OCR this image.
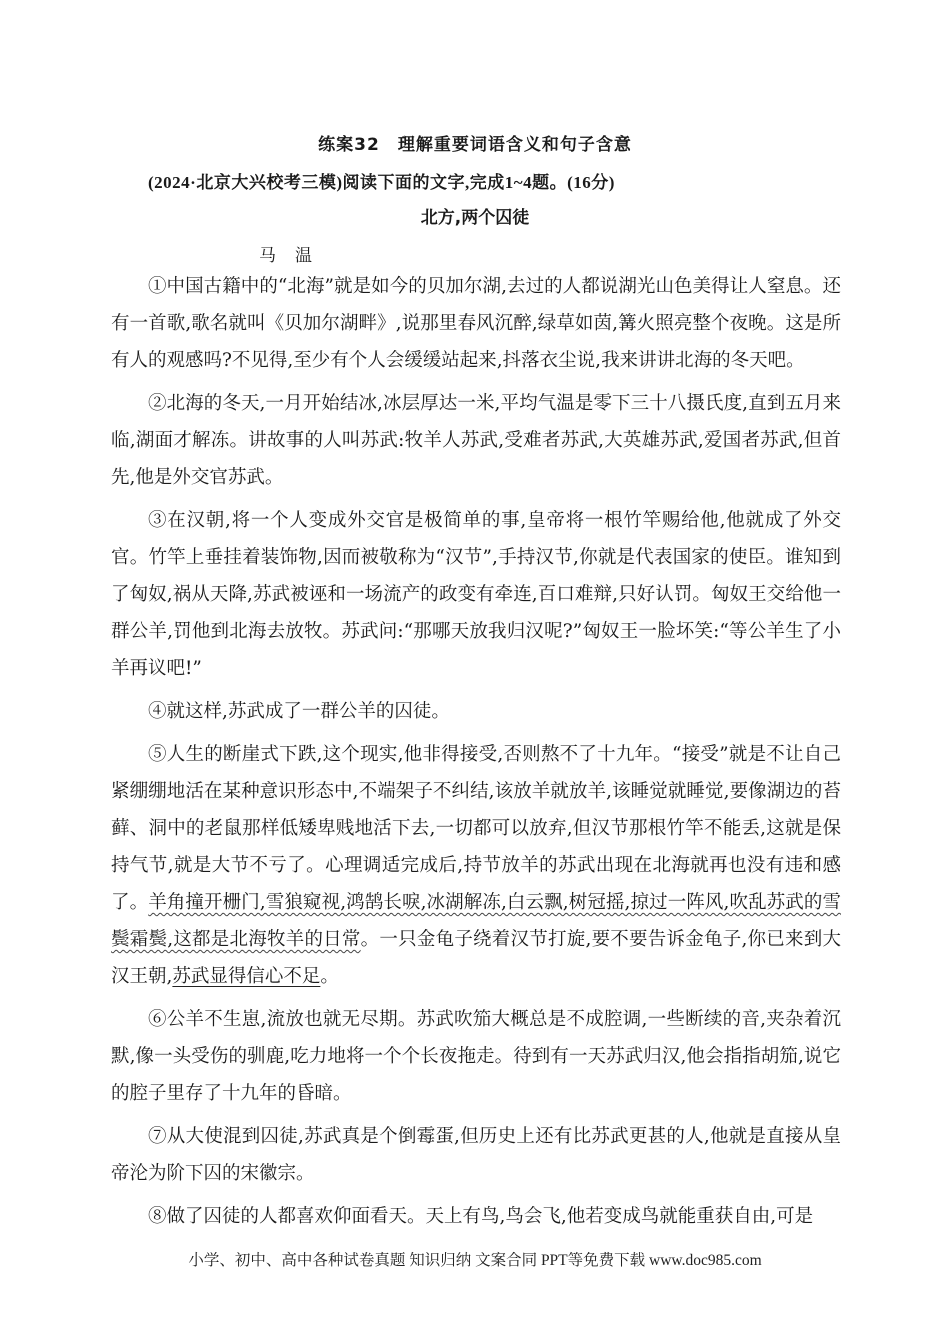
练案32　理解重要词语含义和句子含意
(2024·北京大兴校考三模)阅读下面的文字,完成1~4题。(16分)
北方,两个囚徒
马　温

①中国古籍中的“北海”就是如今的贝加尔湖,去过的人都说湖光山色美得让人窒息。还有一首歌,歌名就叫《贝加尔湖畔》,说那里春风沉醉,绿草如茵,篝火照亮整个夜晚。这是所有人的观感吗?不见得,至少有个人会缓缓站起来,抖落衣尘说,我来讲讲北海的冬天吧。

②北海的冬天,一月开始结冰,冰层厚达一米,平均气温是零下三十八摄氏度,直到五月来临,湖面才解冻。讲故事的人叫苏武:牧羊人苏武,受难者苏武,大英雄苏武,爱国者苏武,但首先,他是外交官苏武。

③在汉朝,将一个人变成外交官是极简单的事,皇帝将一根竹竿赐给他,他就成了外交官。竹竿上垂挂着装饰物,因而被敬称为“汉节”,手持汉节,你就是代表国家的使臣。谁知到了匈奴,祸从天降,苏武被诬和一场流产的政变有牵连,百口难辩,只好认罚。匈奴王交给他一群公羊,罚他到北海去放牧。苏武问:“那哪天放我归汉呢?”匈奴王一脸坏笑:“等公羊生了小羊再议吧!”

④就这样,苏武成了一群公羊的囚徒。

⑤人生的断崖式下跌,这个现实,他非得接受,否则熬不了十九年。“接受”就是不让自己紧绷绷地活在某种意识形态中,不端架子不纠结,该放羊就放羊,该睡觉就睡觉,要像湖边的苔藓、洞中的老鼠那样低矮卑贱地活下去,一切都可以放弃,但汉节那根竹竿不能丢,这就是保持气节,就是大节不亏了。心理调适完成后,持节放羊的苏武出现在北海就再也没有违和感了。羊角撞开栅门,雪狼窥视,鸿鹄长唳,冰湖解冻,白云飘,树冠摇,掠过一阵风,吹乱苏武的雪鬓霜鬓,这都是北海牧羊的日常。一只金龟子绕着汉节打旋,要不要告诉金龟子,你已来到大汉王朝,苏武显得信心不足。

⑥公羊不生崽,流放也就无尽期。苏武吹笳大概总是不成腔调,一些断续的音,夹杂着沉默,像一头受伤的驯鹿,吃力地将一个个长夜拖走。待到有一天苏武归汉,他会指指胡笳,说它的腔子里存了十九年的昏暗。

⑦从大使混到囚徒,苏武真是个倒霉蛋,但历史上还有比苏武更甚的人,他就是直接从皇帝沦为阶下囚的宋徽宗。

⑧做了囚徒的人都喜欢仰面看天。天上有鸟,鸟会飞,他若变成鸟就能重获自由,可是

小学、初中、高中各种试卷真题 知识归纳 文案合同 PPT等免费下载 www.doc985.com
